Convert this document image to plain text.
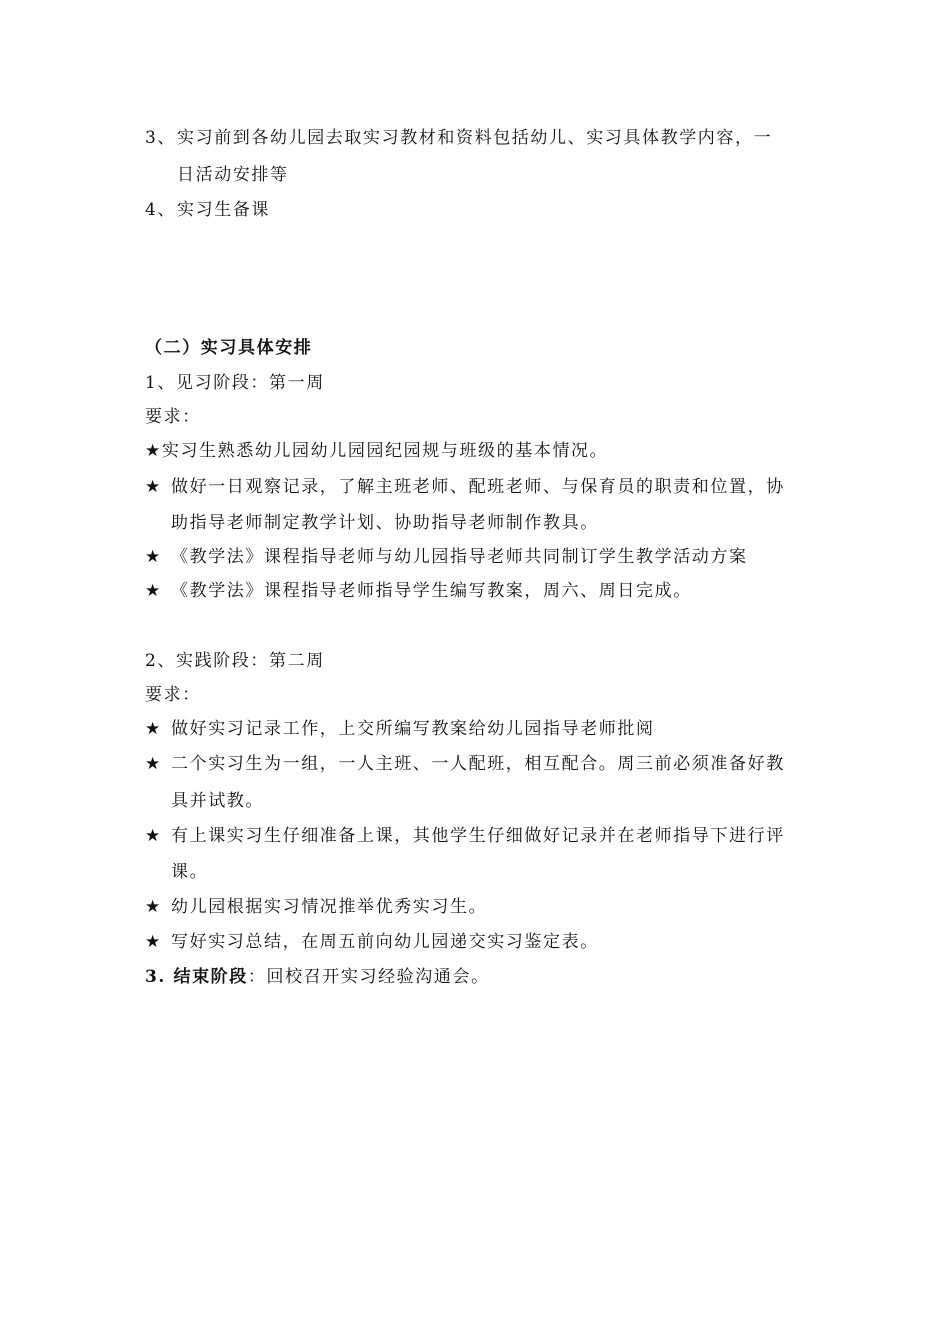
3、实习前到各幼儿园去取实习教材和资料包括幼儿、实习具体教学内容，一
日活动安排等
4、实习生备课
（二）实习具体安排
1、见习阶段：第一周
要求：
★实习生熟悉幼儿园幼儿园园纪园规与班级的基本情况。
★ 做好一日观察记录，了解主班老师、配班老师、与保育员的职责和位置，协
助指导老师制定教学计划、协助指导老师制作教具。
★ 《教学法》课程指导老师与幼儿园指导老师共同制订学生教学活动方案
★ 《教学法》课程指导老师指导学生编写教案，周六、周日完成。
2、实践阶段：第二周
要求：
★ 做好实习记录工作，上交所编写教案给幼儿园指导老师批阅
★ 二个实习生为一组，一人主班、一人配班，相互配合。周三前必须准备好教
具并试教。
★ 有上课实习生仔细准备上课，其他学生仔细做好记录并在老师指导下进行评
课。
★ 幼儿园根据实习情况推举优秀实习生。
★ 写好实习总结，在周五前向幼儿园递交实习鉴定表。
3. 结束阶段：回校召开实习经验沟通会。
